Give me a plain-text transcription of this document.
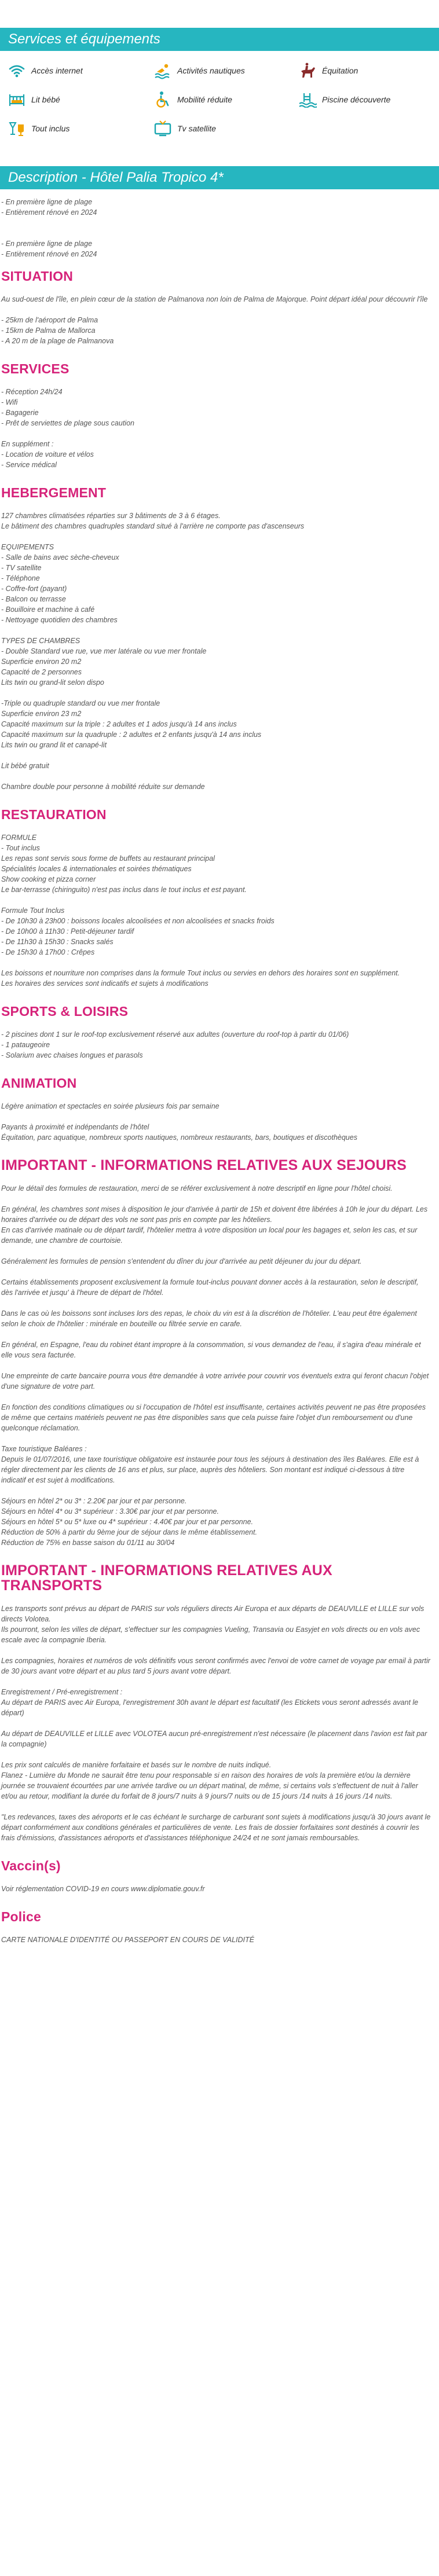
Services et équipements
Accès internet	Activités nautiques	Équitation
Lit bébé	Mobilité réduite	Piscine découverte
Tout inclus	Tv satellite
Description - Hôtel Palia Tropico 4*

- En première ligne de plage

- Entièrement rénové en 2024

- En première ligne de plage

- Entièrement rénové en 2024

SITUATION

Au sud-ouest de l'île, en plein cœur de la station de Palmanova non loin de Palma de Majorque. Point départ idéal pour découvrir l'île

- 25km de l'aéroport de Palma

- 15km de Palma de Mallorca

- A 20 m de la plage de Palmanova

SERVICES

- Réception 24h/24

- Wifi

- Bagagerie

- Prêt de serviettes de plage sous caution

En supplément :

- Location de voiture et vélos

- Service médical

HEBERGEMENT

127 chambres climatisées réparties sur 3 bâtiments de 3 à 6 étages.

Le bâtiment des chambres quadruples standard situé à l'arrière ne comporte pas d'ascenseurs

EQUIPEMENTS

- Salle de bains avec sèche-cheveux

- TV satellite

- Téléphone

- Coffre-fort (payant)

- Balcon ou terrasse

- Bouilloire et machine à café

- Nettoyage quotidien des chambres

TYPES DE CHAMBRES

- Double Standard vue rue, vue mer latérale ou vue mer frontale

Superficie environ 20 m2

Capacité de 2 personnes

Lits twin ou grand-lit selon dispo

-Triple ou quadruple standard ou vue mer frontale

Superficie environ 23 m2

Capacité maximum sur la triple : 2 adultes et 1 ados jusqu'à 14 ans inclus

Capacité maximum sur la quadruple : 2 adultes et 2 enfants jusqu'à 14 ans inclus

Lits twin ou grand lit et canapé-lit

Lit bébé gratuit

Chambre double pour personne à mobilité réduite sur demande

RESTAURATION

FORMULE

- Tout inclus

Les repas sont servis sous forme de buffets au restaurant principal

Spécialités locales & internationales et soirées thématiques

Show cooking et pizza corner

Le bar-terrasse (chiringuito) n'est pas inclus dans le tout inclus et est payant.

Formule Tout Inclus

- De 10h30 à 23h00 : boissons locales alcoolisées et non alcoolisées et snacks froids

- De 10h00 à 11h30 : Petit-déjeuner tardif

- De 11h30 à 15h30 : Snacks salés

- De 15h30 à 17h00 : Crêpes

Les boissons et nourriture non comprises dans la formule Tout inclus ou servies en dehors des horaires sont en supplément.

Les horaires des services sont indicatifs et sujets à modifications

SPORTS & LOISIRS

- 2 piscines dont 1 sur le roof-top exclusivement réservé aux adultes (ouverture du roof-top à partir du 01/06)

- 1 pataugeoire

- Solarium avec chaises longues et parasols

ANIMATION

Légère animation et spectacles en soirée plusieurs fois par semaine

Payants à proximité et indépendants de l'hôtel

Équitation, parc aquatique, nombreux sports nautiques, nombreux restaurants, bars, boutiques et discothèques

IMPORTANT - INFORMATIONS RELATIVES AUX SEJOURS

Pour le détail des formules de restauration, merci de se référer exclusivement à notre descriptif en ligne pour l'hôtel choisi.

En général, les chambres sont mises à disposition le jour d'arrivée à partir de 15h et doivent être libérées à 10h le jour du départ. Les horaires d'arrivée ou de départ des vols ne sont pas pris en compte par les hôteliers.

En cas d'arrivée matinale ou de départ tardif, l'hôtelier mettra à votre disposition un local pour les bagages et, selon les cas, et sur demande, une chambre de courtoisie.

Généralement les formules de pension s'entendent du dîner du jour d'arrivée au petit déjeuner du jour du départ.

Certains établissements proposent exclusivement la formule tout-inclus pouvant donner accès à la restauration, selon le descriptif, dès l'arrivée et jusqu' à l'heure de départ de l'hôtel.

Dans le cas où les boissons sont incluses lors des repas, le choix du vin est à la discrétion de l'hôtelier. L'eau peut être également selon le choix de l'hôtelier : minérale en bouteille ou filtrée servie en carafe.

En général, en Espagne, l'eau du robinet étant impropre à la consommation, si vous demandez de l'eau, il s'agira d'eau minérale et elle vous sera facturée.

Une empreinte de carte bancaire pourra vous être demandée à votre arrivée pour couvrir vos éventuels extra qui feront chacun l'objet d'une signature de votre part.

En fonction des conditions climatiques ou si l'occupation de l'hôtel est insuffisante, certaines activités peuvent ne pas être proposées de même que certains matériels peuvent ne pas être disponibles sans que cela puisse faire l'objet d'un remboursement ou d'une quelconque réclamation.

Taxe touristique Baléares :

Depuis le 01/07/2016, une taxe touristique obligatoire est instaurée pour tous les séjours à destination des îles Baléares. Elle est à régler directement par les clients de 16 ans et plus, sur place, auprès des hôteliers. Son montant est indiqué ci-dessous à titre indicatif et est sujet à modifications.

Séjours en hôtel 2* ou 3* : 2.20€ par jour et par personne.

Séjours en hôtel 4* ou 3* supérieur : 3.30€ par jour et par personne.

Séjours en hôtel 5* ou 5* luxe ou 4* supérieur : 4.40€ par jour et par personne.

Réduction de 50% à partir du 9ème jour de séjour dans le même établissement.

Réduction de 75% en basse saison du 01/11 au 30/04

IMPORTANT - INFORMATIONS RELATIVES AUX TRANSPORTS

Les transports sont prévus au départ de PARIS sur vols réguliers directs Air Europa et aux départs de DEAUVILLE et LILLE sur vols directs Volotea.

Ils pourront, selon les villes de départ, s'effectuer sur les compagnies Vueling, Transavia ou Easyjet en vols directs ou en vols avec escale avec la compagnie Iberia.

Les compagnies, horaires et numéros de vols définitifs vous seront confirmés avec l'envoi de votre carnet de voyage par email à partir de 30 jours avant votre départ et au plus tard 5 jours avant votre départ.

Enregistrement / Pré-enregistrement :

Au départ de PARIS avec Air Europa, l'enregistrement 30h avant le départ est facultatif (les Etickets vous seront adressés avant le départ)

Au départ de DEAUVILLE et LILLE avec VOLOTEA aucun pré-enregistrement n'est nécessaire (le placement dans l'avion est fait par la compagnie)

Les prix sont calculés de manière forfaitaire et basés sur le nombre de nuits indiqué.

Flanez - Lumière du Monde ne saurait être tenu pour responsable si en raison des horaires de vols la première et/ou la dernière journée se trouvaient écourtées par une arrivée tardive ou un départ matinal, de même, si certains vols s'effectuent de nuit à l'aller et/ou au retour, modifiant la durée du forfait de 8 jours/7 nuits à 9 jours/7 nuits ou de 15 jours /14 nuits à 16 jours /14 nuits.

"Les redevances, taxes des aéroports et le cas échéant le surcharge de carburant sont sujets à modifications jusqu'à 30 jours avant le départ conformément aux conditions générales et particulières de vente. Les frais de dossier forfaitaires sont destinés à couvrir les frais d'émissions, d'assistances aéroports et d'assistances téléphonique 24/24 et ne sont jamais remboursables.

Vaccin(s)

Voir réglementation COVID-19 en cours www.diplomatie.gouv.fr

Police

CARTE NATIONALE D'IDENTITÉ OU PASSEPORT EN COURS DE VALIDITÉ
